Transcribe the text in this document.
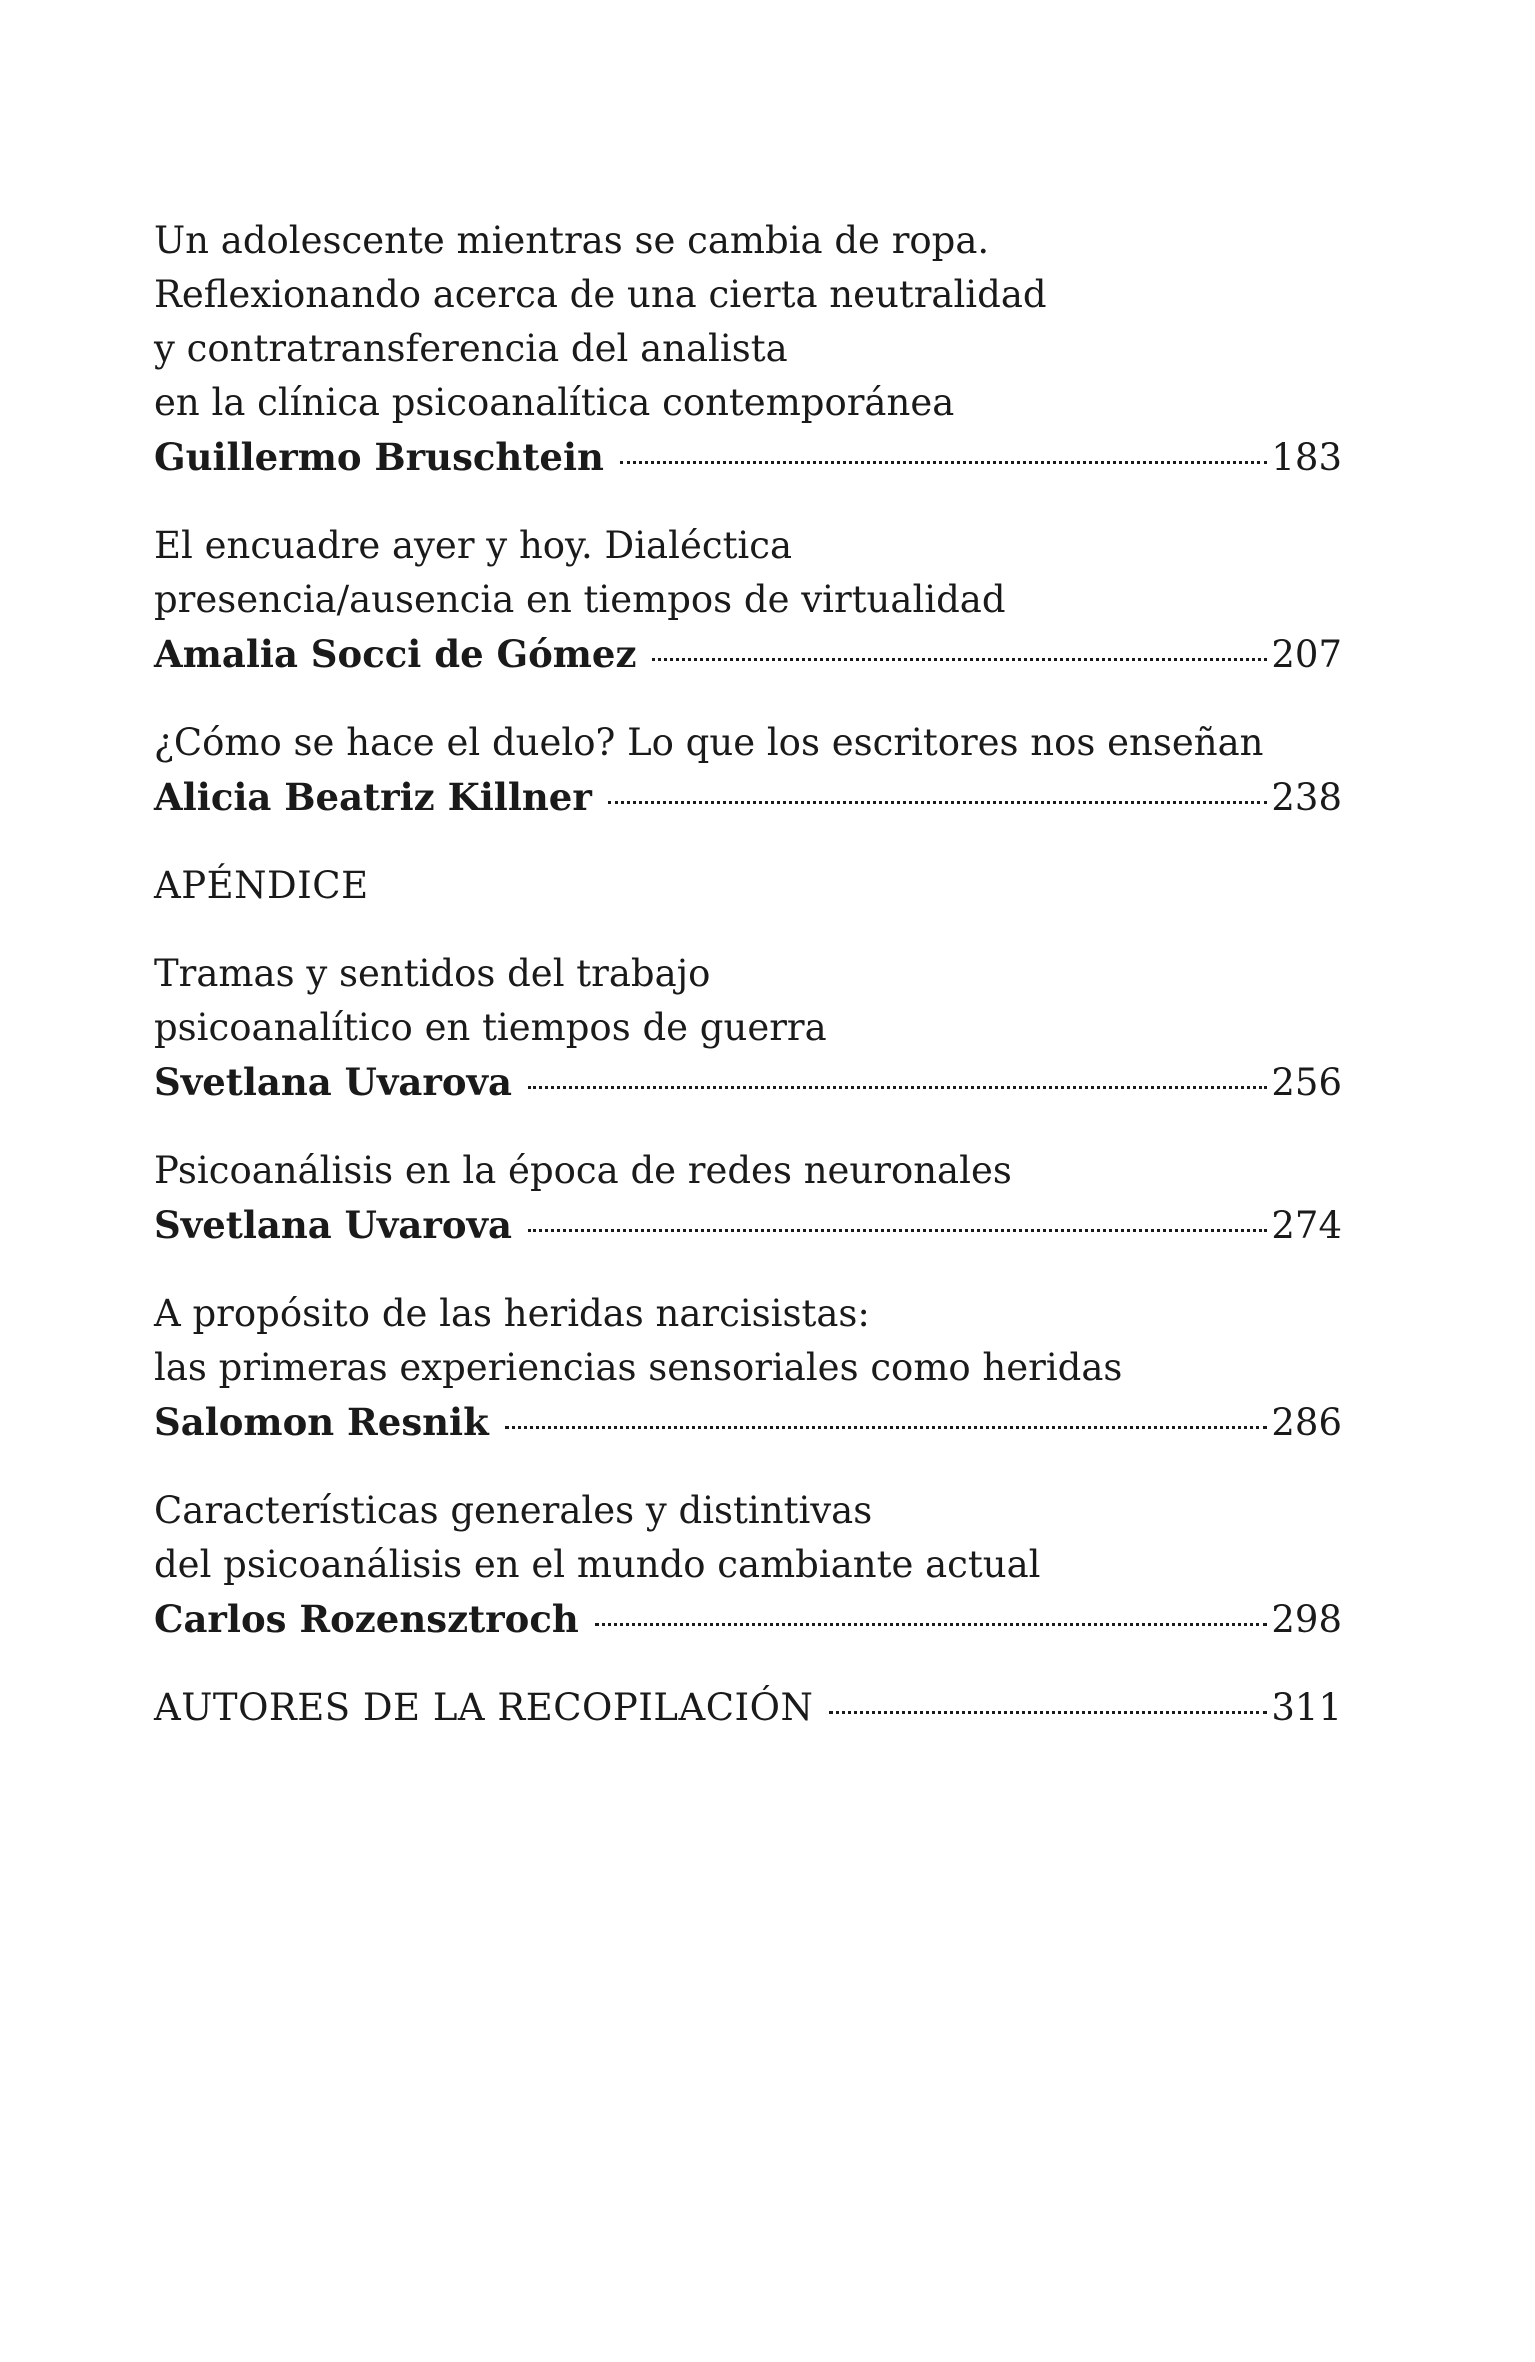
Un adolescente mientras se cambia de ropa.
Reflexionando acerca de una cierta neutralidad
y contratransferencia del analista
en la clínica psicoanalítica contemporánea
Guillermo Bruschtein	183
El encuadre ayer y hoy. Dialéctica
presencia/ausencia en tiempos de virtualidad
Amalia Socci de Gómez	207
¿Cómo se hace el duelo? Lo que los escritores nos enseñan
Alicia Beatriz Killner	238
APÉNDICE
Tramas y sentidos del trabajo
psicoanalítico en tiempos de guerra
Svetlana Uvarova	256
Psicoanálisis en la época de redes neuronales
Svetlana Uvarova	274
A propósito de las heridas narcisistas:
las primeras experiencias sensoriales como heridas
Salomon Resnik	286
Características generales y distintivas
del psicoanálisis en el mundo cambiante actual
Carlos Rozensztroch	298
AUTORES DE LA RECOPILACIÓN	311
